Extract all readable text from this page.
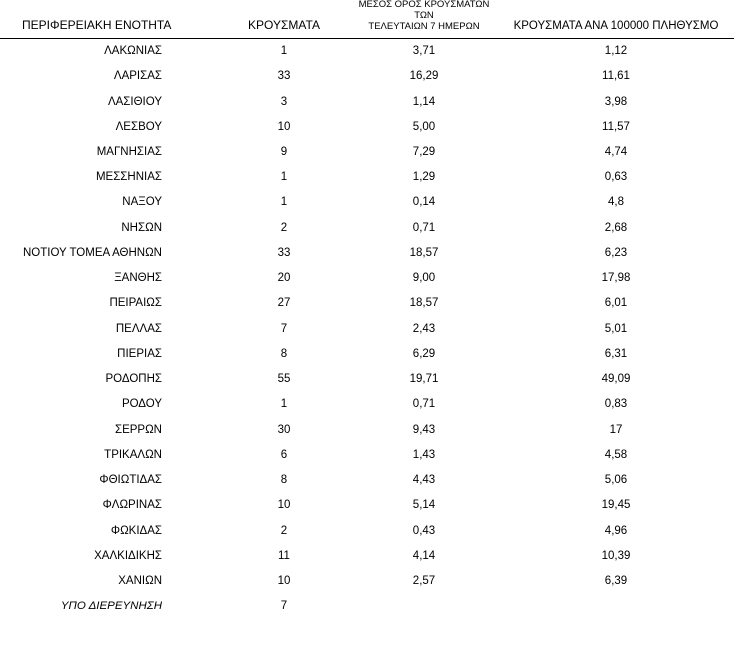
ΠΕΡΙΦΕΡΕΙΑΚΗ ΕΝΟΤΗΤΑ	ΚΡΟΥΣΜΑΤΑ	ΜΕΣΟΣ ΟΡΟΣ ΚΡΟΥΣΜΑΤΩΝ ΤΩΝ
ΤΕΛΕΥΤΑΙΩΝ 7 ΗΜΕΡΩΝ	ΚΡΟΥΣΜΑΤΑ ΑΝΑ 100000 ΠΛΗΘΥΣΜΟ
ΛΑΚΩΝΙΑΣ	1	3,71	1,12
ΛΑΡΙΣΑΣ	33	16,29	11,61
ΛΑΣΙΘΙΟΥ	3	1,14	3,98
ΛΕΣΒΟΥ	10	5,00	11,57
ΜΑΓΝΗΣΙΑΣ	9	7,29	4,74
ΜΕΣΣΗΝΙΑΣ	1	1,29	0,63
ΝΑΞΟΥ	1	0,14	4,8
ΝΗΣΩΝ	2	0,71	2,68
ΝΟΤΙΟΥ ΤΟΜΕΑ ΑΘΗΝΩΝ	33	18,57	6,23
ΞΑΝΘΗΣ	20	9,00	17,98
ΠΕΙΡΑΙΩΣ	27	18,57	6,01
ΠΕΛΛΑΣ	7	2,43	5,01
ΠΙΕΡΙΑΣ	8	6,29	6,31
ΡΟΔΟΠΗΣ	55	19,71	49,09
ΡΟΔΟΥ	1	0,71	0,83
ΣΕΡΡΩΝ	30	9,43	17
ΤΡΙΚΑΛΩΝ	6	1,43	4,58
ΦΘΙΩΤΙΔΑΣ	8	4,43	5,06
ΦΛΩΡΙΝΑΣ	10	5,14	19,45
ΦΩΚΙΔΑΣ	2	0,43	4,96
ΧΑΛΚΙΔΙΚΗΣ	11	4,14	10,39
ΧΑΝΙΩΝ	10	2,57	6,39
ΥΠΟ ΔΙΕΡΕΥΝΗΣΗ	7		
